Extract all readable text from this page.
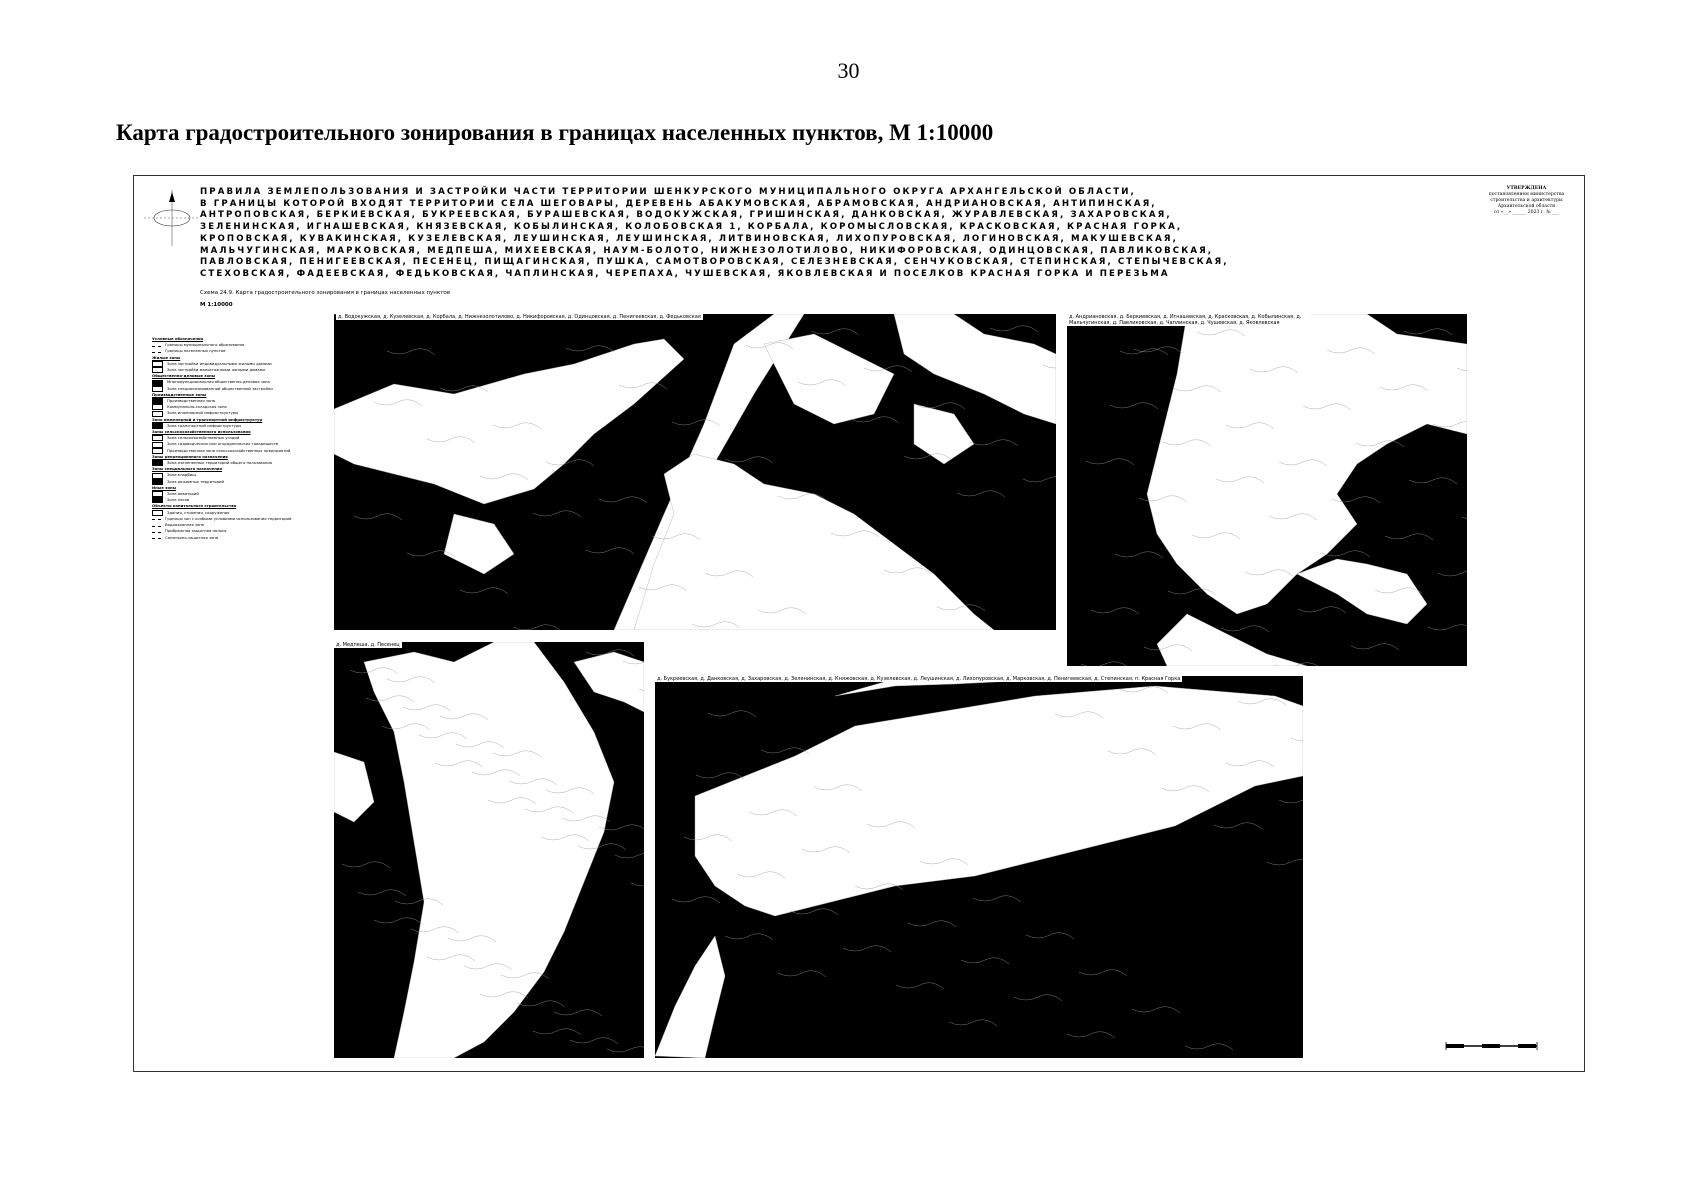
30
Карта градостроительного зонирования в границах населенных пунктов, М 1:10000
ПРАВИЛА ЗЕМЛЕПОЛЬЗОВАНИЯ И ЗАСТРОЙКИ ЧАСТИ ТЕРРИТОРИИ ШЕНКУРСКОГО МУНИЦИПАЛЬНОГО ОКРУГА АРХАНГЕЛЬСКОЙ ОБЛАСТИ,
В ГРАНИЦЫ КОТОРОЙ ВХОДЯТ ТЕРРИТОРИИ СЕЛА ШЕГОВАРЫ, ДЕРЕВЕНЬ АБАКУМОВСКАЯ, АБРАМОВСКАЯ, АНДРИАНОВСКАЯ, АНТИПИНСКАЯ,
АНТРОПОВСКАЯ, БЕРКИЕВСКАЯ, БУКРЕЕВСКАЯ, БУРАШЕВСКАЯ, ВОДОКУЖСКАЯ, ГРИШИНСКАЯ, ДАНКОВСКАЯ, ЖУРАВЛЕВСКАЯ, ЗАХАРОВСКАЯ,
ЗЕЛЕНИНСКАЯ, ИГНАШЕВСКАЯ, КНЯЗЕВСКАЯ, КОБЫЛИНСКАЯ, КОЛОБОВСКАЯ 1, КОРБАЛА, КОРОМЫСЛОВСКАЯ, КРАСКОВСКАЯ, КРАСНАЯ ГОРКА,
КРОПОВСКАЯ, КУВАКИНСКАЯ, КУЗЕЛЕВСКАЯ, ЛЕУШИНСКАЯ, ЛЕУШИНСКАЯ, ЛИТВИНОВСКАЯ, ЛИХОПУРОВСКАЯ, ЛОГИНОВСКАЯ, МАКУШЕВСКАЯ,
МАЛЬЧУГИНСКАЯ, МАРКОВСКАЯ, МЕДПЕША, МИХЕЕВСКАЯ, НАУМ-БОЛОТО, НИЖНЕЗОЛОТИЛОВО, НИКИФОРОВСКАЯ, ОДИНЦОВСКАЯ, ПАВЛИКОВСКАЯ,
ПАВЛОВСКАЯ, ПЕНИГЕЕВСКАЯ, ПЕСЕНЕЦ, ПИЩАГИНСКАЯ, ПУШКА, САМОТВОРОВСКАЯ, СЕЛЕЗНЕВСКАЯ, СЕНЧУКОВСКАЯ, СТЕПИНСКАЯ, СТЕПЫЧЕВСКАЯ,
СТЕХОВСКАЯ, ФАДЕЕВСКАЯ, ФЕДЬКОВСКАЯ, ЧАПЛИНСКАЯ, ЧЕРЕПАХА, ЧУШЕВСКАЯ, ЯКОВЛЕВСКАЯ И ПОСЕЛКОВ КРАСНАЯ ГОРКА И ПЕРЕЗЬМА
Схема 24.9. Карта градостроительного зонирования в границах населенных пунктов
М 1:10000
УТВЕРЖДЕНА
постановлением министерства
строительства и архитектуры
Архангельской области
от «__» ______ 2023 г. № ___
Условные обозначения
Границы муниципального образования
Границы населенных пунктов
Жилые зоны
Зона застройки индивидуальными жилыми домами
Зона застройки малоэтажными жилыми домами
Общественно-деловые зоны
Многофункциональная общественно-деловая зона
Зона специализированной общественной застройки
Производственные зоны
Производственная зона
Коммунально-складская зона
Зона инженерной инфраструктуры
Зона инженерной и транспортной инфраструктур
Зона транспортной инфраструктуры
Зоны сельскохозяйственного использования
Зона сельскохозяйственных угодий
Зона садоводческих или огороднических товариществ
Производственная зона сельскохозяйственных предприятий
Зоны рекреационного назначения
Зона озелененных территорий общего пользования
Зоны специального назначения
Зона кладбищ
Зона режимных территорий
Иные зоны
Зона акваторий
Зона лесов
Объекты капитального строительства
Здания, строения, сооружения
Границы зон с особыми условиями использования территорий
Водоохранная зона
Прибрежная защитная полоса
Санитарно-защитная зона
д. Водокужская, д. Кузелевская, д. Корбала, д. Нижнезолотилово, д. Никифоровская, д. Одинцовская, д. Пенигеевская, д. Федьковская	д. Андриановская, д. Беркиевская, д. Игнашевская, д. Красковская, д. Кобылинская, д. Мальчугинская, д. Павликовская, д. Чаплинская, д. Чушевская, д. Яковлевская
д. Медпеша, д. Песенец
д. Букреевская, д. Данковская, д. Захаровская, д. Зеленинская, д. Княжовская, д. Кузелевская, д. Леушинская, д. Лихопуровская, д. Марковская, д. Пенигеевская, д. Степинская, п. Красная Горка
